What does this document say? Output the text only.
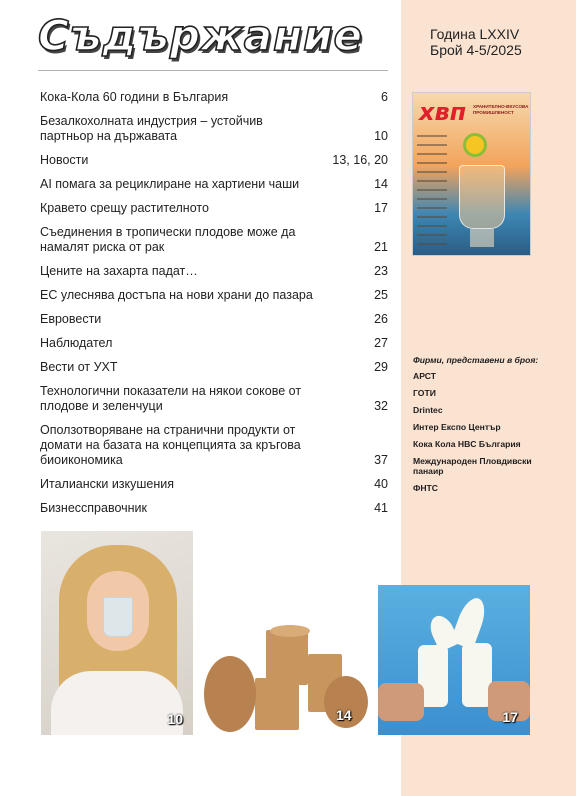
Съдържание	Година LXXIV
Брой 4-5/2025
Кока-Кола 60 години в България	6
Безалкохолната индустрия – устойчив партньор на държавата	10
Новости	13, 16, 20
AI помага за рециклиране на хартиени чаши	14
Кравето срещу растителното	17
Съединения в тропически плодове може да намалят риска от рак	21
Цените на захарта падат…	23
ЕС улеснява достъпа на нови храни до пазара	25
Евровести	26
Наблюдател	27
Вести от УХТ	29
Технологични показатели на някои сокове от плодове и зеленчуци	32
Оползотворяване на странични продукти от домати на базата на концепцията за кръгова биоикономика	37
Италиански изкушения	40
Бизнесcправочник	41
хвп ХРАНИТЕЛНО-ВКУСОВА ПРОМИШЛЕНОСТ
Фирми, представени в броя:
АРСТ
ГОТИ
Drintec
Интер Експо Център
Кока Кола HBC България
Международен Пловдивски панаир
ФНТС
10	14	17
